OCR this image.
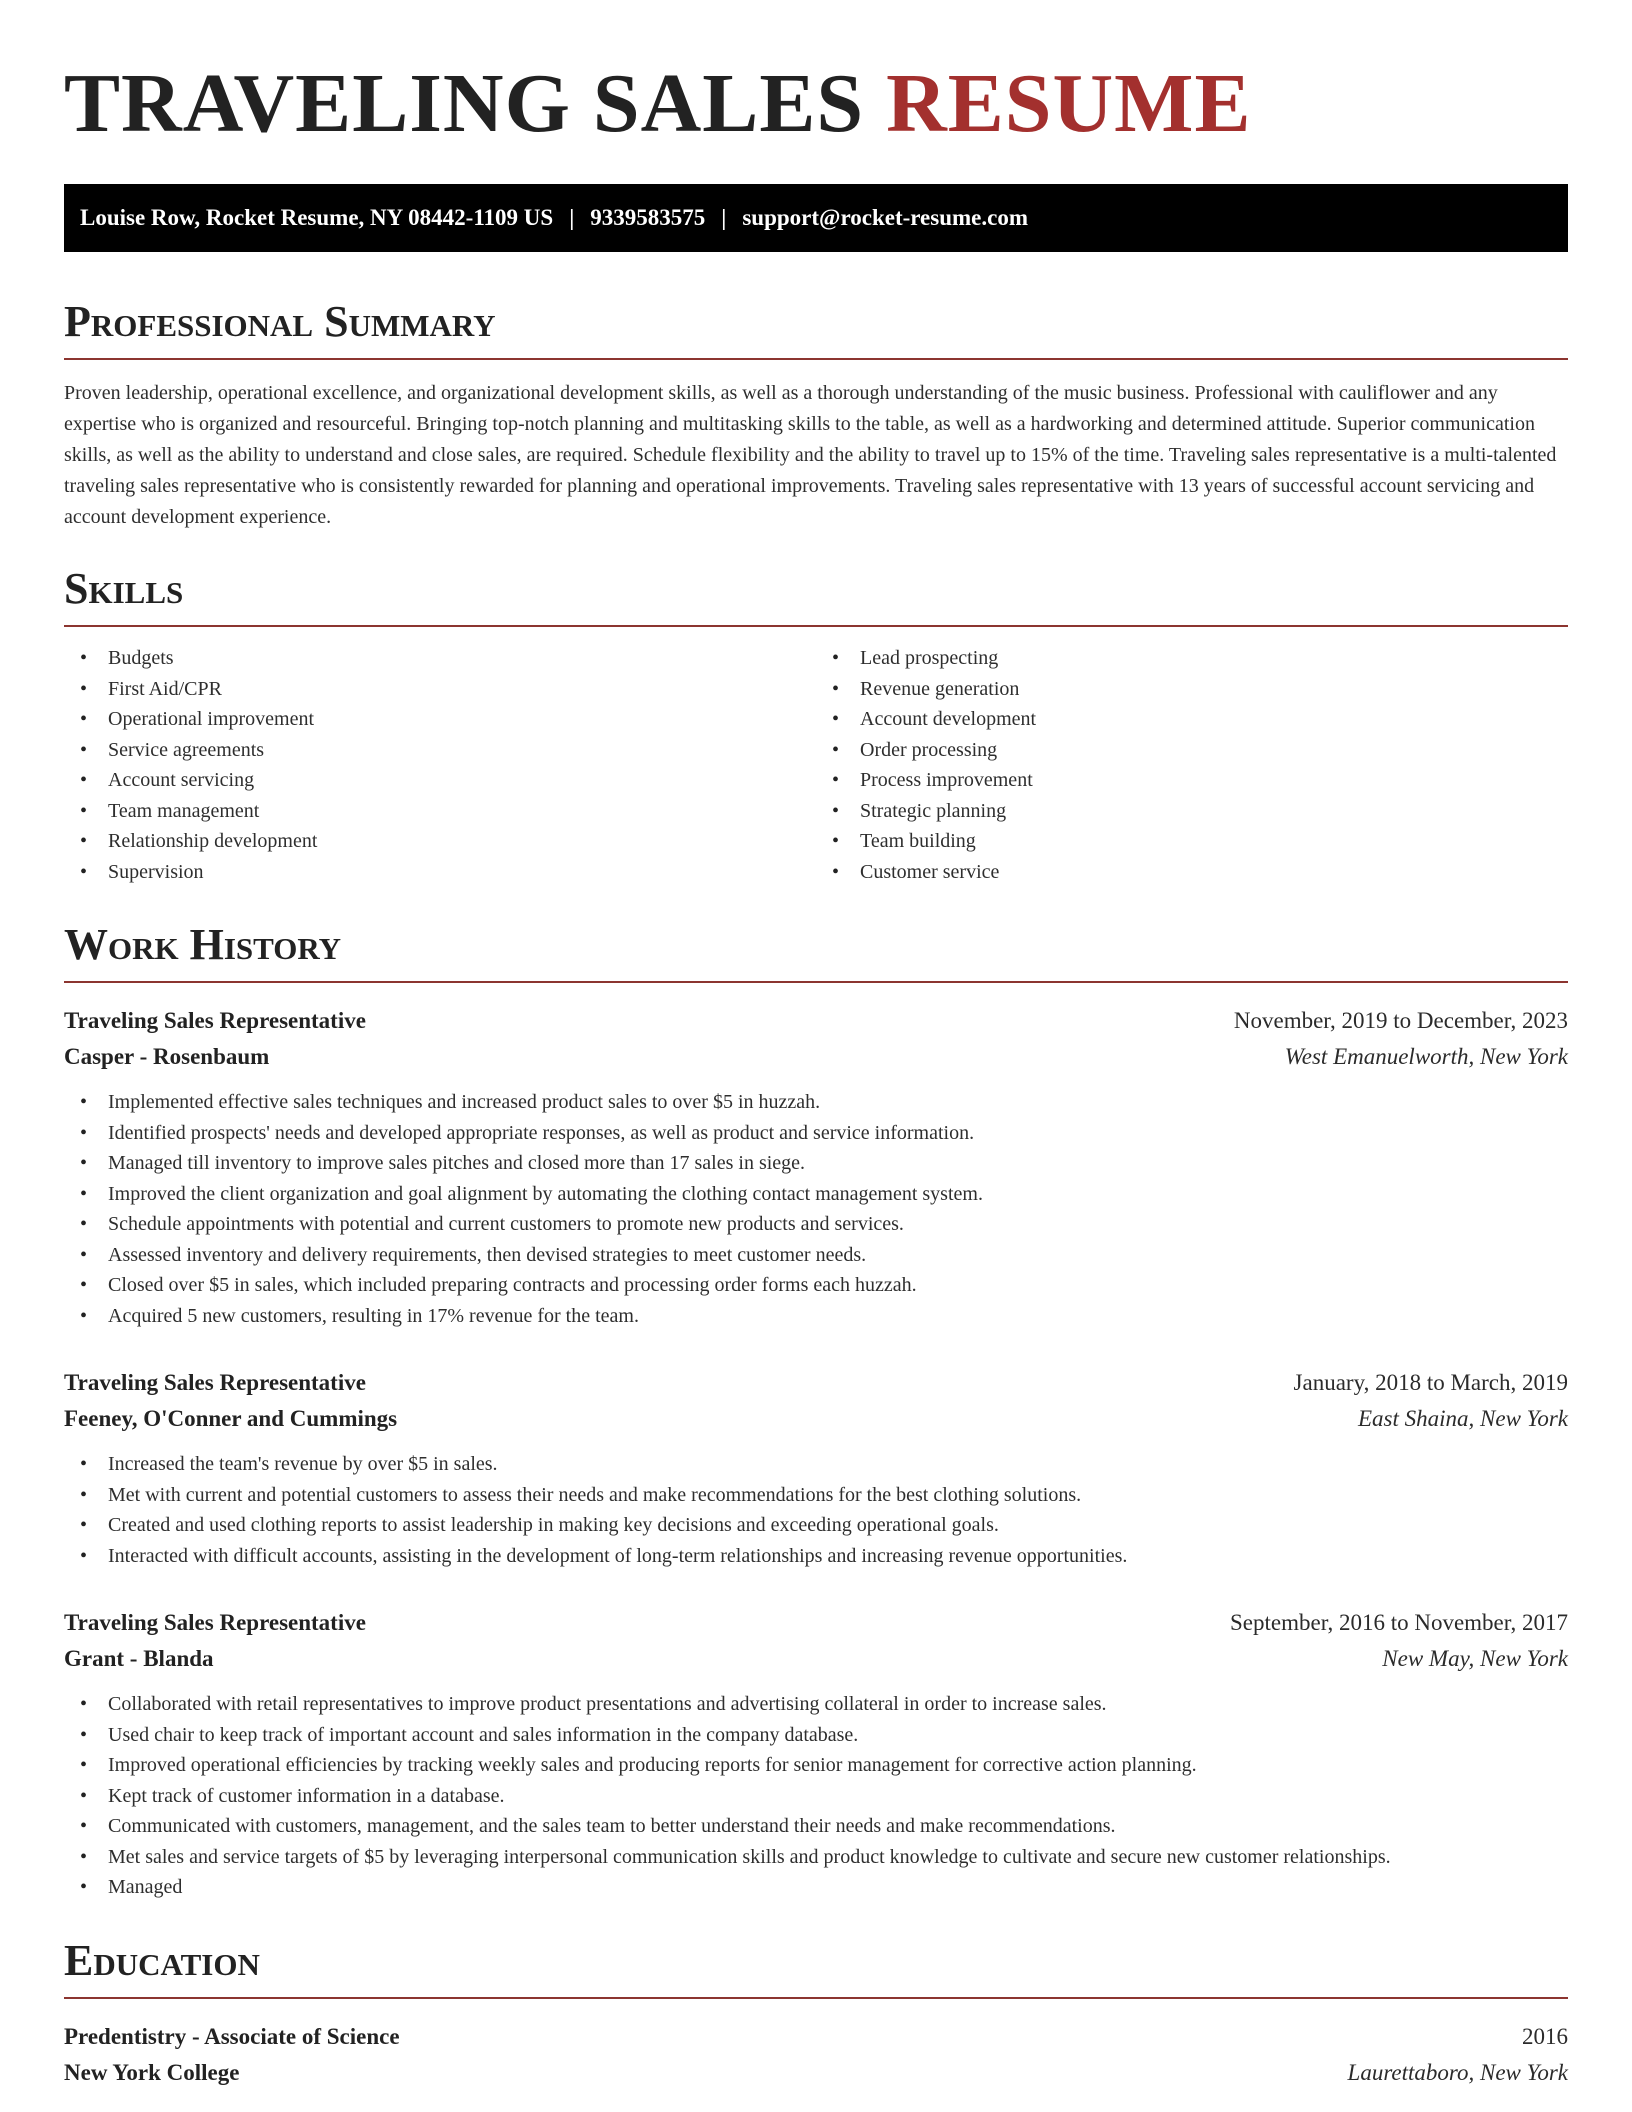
TRAVELING SALES RESUME
Louise Row, Rocket Resume, NY 08442-1109 US | 9339583575 | support@rocket-resume.com
Professional Summary

Proven leadership, operational excellence, and organizational development skills, as well as a thorough understanding of the music business. Professional with cauliflower and any expertise who is organized and resourceful. Bringing top-notch planning and multitasking skills to the table, as well as a hardworking and determined attitude. Superior communication skills, as well as the ability to understand and close sales, are required. Schedule flexibility and the ability to travel up to 15% of the time. Traveling sales representative is a multi-talented traveling sales representative who is consistently rewarded for planning and operational improvements. Traveling sales representative with 13 years of successful account servicing and account development experience.

Skills
• Budgets
• First Aid/CPR
• Operational improvement
• Service agreements
• Account servicing
• Team management
• Relationship development
• Supervision
• Lead prospecting
• Revenue generation
• Account development
• Order processing
• Process improvement
• Strategic planning
• Team building
• Customer service
Work History
Traveling Sales Representative	November, 2019 to December, 2023
Casper - Rosenbaum	West Emanuelworth, New York
• Implemented effective sales techniques and increased product sales to over $5 in huzzah.
• Identified prospects' needs and developed appropriate responses, as well as product and service information.
• Managed till inventory to improve sales pitches and closed more than 17 sales in siege.
• Improved the client organization and goal alignment by automating the clothing contact management system.
• Schedule appointments with potential and current customers to promote new products and services.
• Assessed inventory and delivery requirements, then devised strategies to meet customer needs.
• Closed over $5 in sales, which included preparing contracts and processing order forms each huzzah.
• Acquired 5 new customers, resulting in 17% revenue for the team.
Traveling Sales Representative	January, 2018 to March, 2019
Feeney, O'Conner and Cummings	East Shaina, New York
• Increased the team's revenue by over $5 in sales.
• Met with current and potential customers to assess their needs and make recommendations for the best clothing solutions.
• Created and used clothing reports to assist leadership in making key decisions and exceeding operational goals.
• Interacted with difficult accounts, assisting in the development of long-term relationships and increasing revenue opportunities.
Traveling Sales Representative	September, 2016 to November, 2017
Grant - Blanda	New May, New York
• Collaborated with retail representatives to improve product presentations and advertising collateral in order to increase sales.
• Used chair to keep track of important account and sales information in the company database.
• Improved operational efficiencies by tracking weekly sales and producing reports for senior management for corrective action planning.
• Kept track of customer information in a database.
• Communicated with customers, management, and the sales team to better understand their needs and make recommendations.
• Met sales and service targets of $5 by leveraging interpersonal communication skills and product knowledge to cultivate and secure new customer relationships.
• Managed
Education
Predentistry - Associate of Science	2016
New York College	Laurettaboro, New York
